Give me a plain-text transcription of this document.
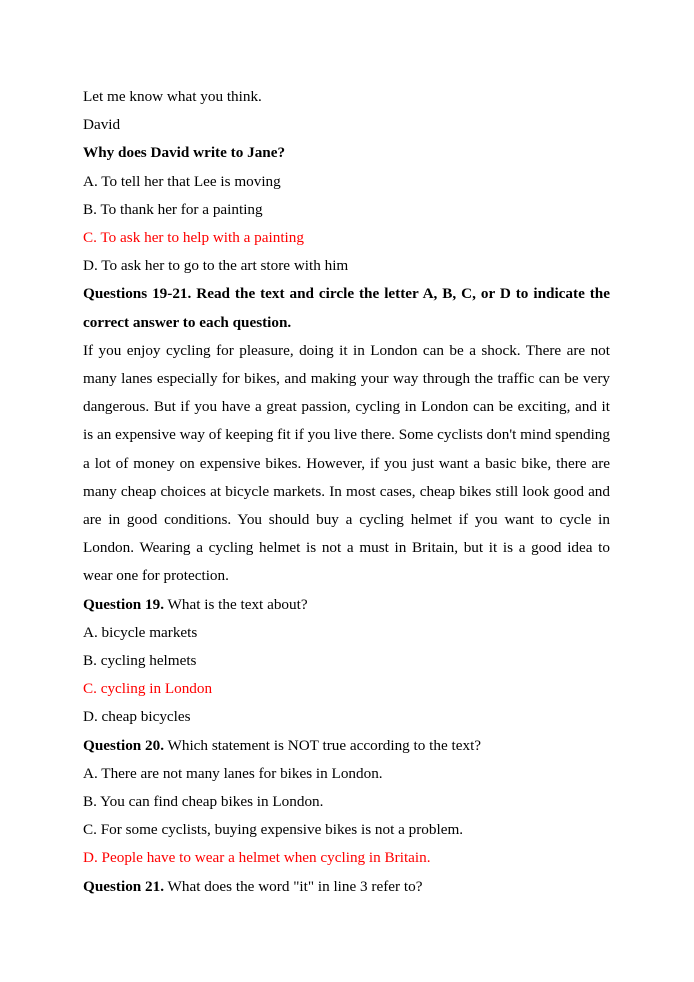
Let me know what you think.

David

Why does David write to Jane?

A. To tell her that Lee is moving

B. To thank her for a painting

C. To ask her to help with a painting

D. To ask her to go to the art store with him

Questions 19-21. Read the text and circle the letter A, B, C, or D to indicate the correct answer to each question.

If you enjoy cycling for pleasure, doing it in London can be a shock. There are not many lanes especially for bikes, and making your way through the traffic can be very dangerous. But if you have a great passion, cycling in London can be exciting, and it is an expensive way of keeping fit if you live there. Some cyclists don't mind spending a lot of money on expensive bikes. However, if you just want a basic bike, there are many cheap choices at bicycle markets. In most cases, cheap bikes still look good and are in good conditions. You should buy a cycling helmet if you want to cycle in London. Wearing a cycling helmet is not a must in Britain, but it is a good idea to wear one for protection.

Question 19. What is the text about?

A. bicycle markets

B. cycling helmets

C. cycling in London

D. cheap bicycles

Question 20. Which statement is NOT true according to the text?

A. There are not many lanes for bikes in London.

B. You can find cheap bikes in London.

C. For some cyclists, buying expensive bikes is not a problem.

D. People have to wear a helmet when cycling in Britain.

Question 21. What does the word "it" in line 3 refer to?
